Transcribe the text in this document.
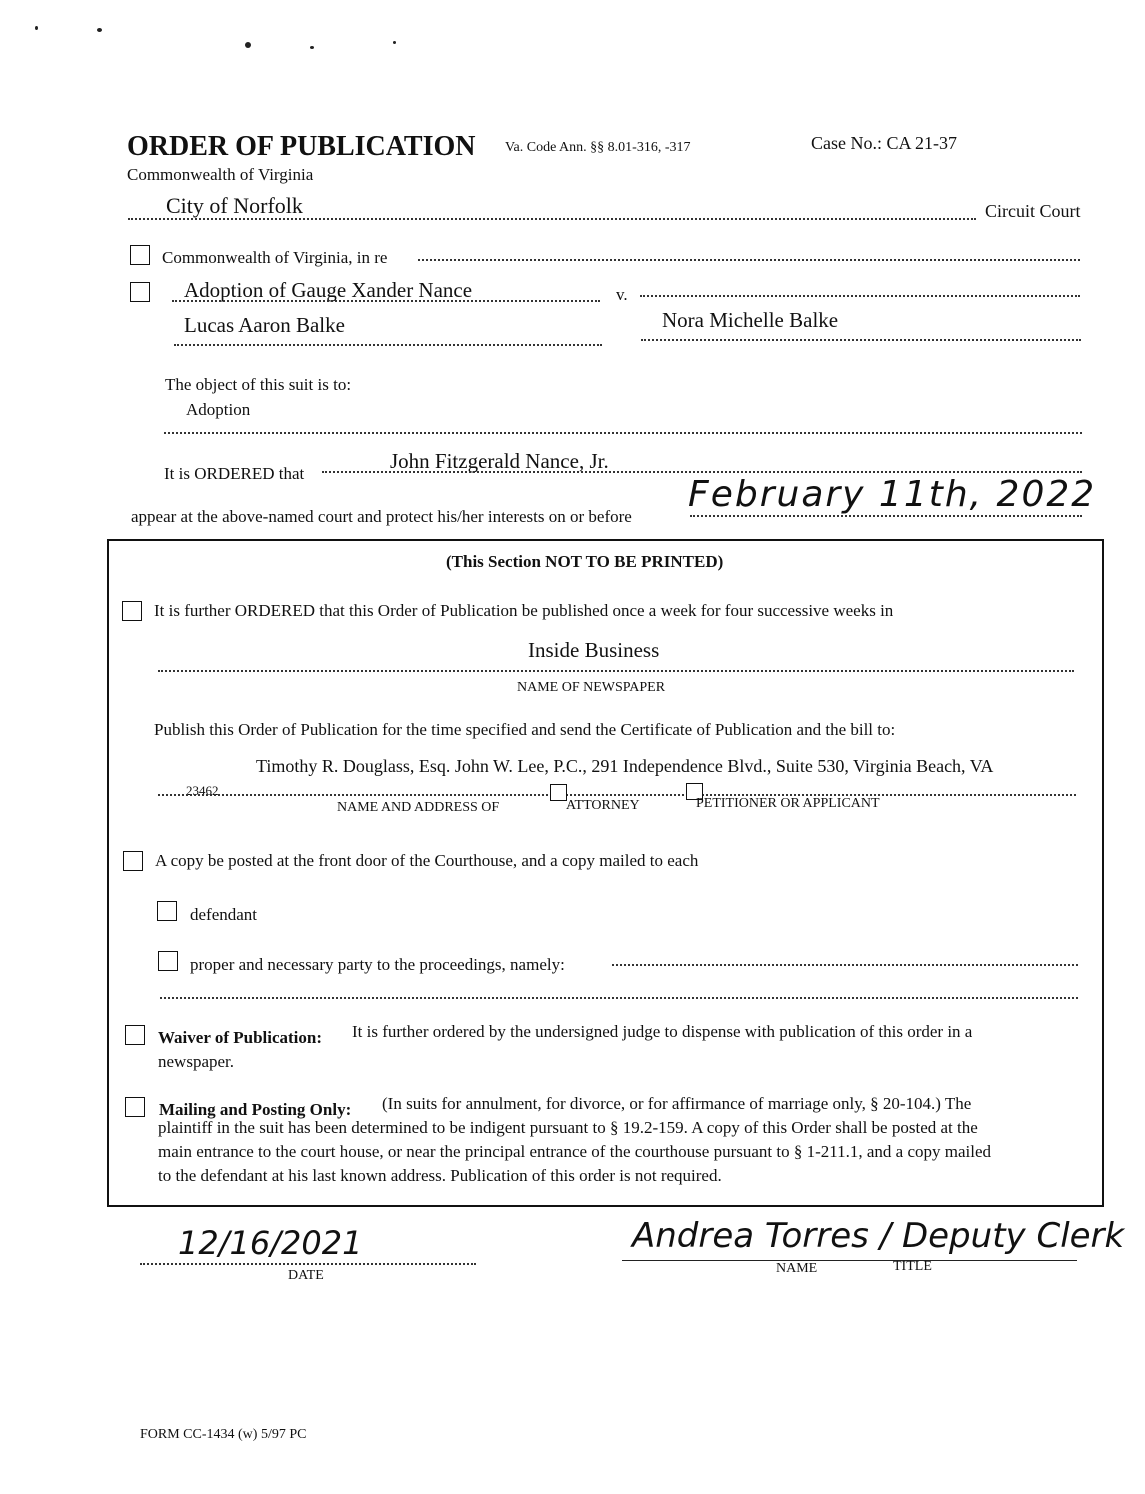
ORDER OF PUBLICATION Va. Code Ann. §§ 8.01-316, -317	Case No.: CA 21-37
Commonwealth of Virginia
City of Norfolk	Circuit Court
Commonwealth of Virginia, in re
Adoption of Gauge Xander Nance	v.
Lucas Aaron Balke	Nora Michelle Balke
The object of this suit is to:
Adoption
It is ORDERED that
John Fitzgerald Nance, Jr.
appear at the above-named court and protect his/her interests on or before
February 11th, 2022
(This Section NOT TO BE PRINTED)
It is further ORDERED that this Order of Publication be published once a week for four successive weeks in
Inside Business
NAME OF NEWSPAPER
Publish this Order of Publication for the time specified and send the Certificate of Publication and the bill to:
Timothy R. Douglass, Esq. John W. Lee, P.C., 291 Independence Blvd., Suite 530, Virginia Beach, VA
23462
NAME AND ADDRESS OF	ATTORNEY	PETITIONER OR APPLICANT
A copy be posted at the front door of the Courthouse, and a copy mailed to each
defendant
proper and necessary party to the proceedings, namely:
Waiver of Publication: It is further ordered by the undersigned judge to dispense with publication of this order in a
newspaper.
Mailing and Posting Only: (In suits for annulment, for divorce, or for affirmance of marriage only, § 20-104.) The
plaintiff in the suit has been determined to be indigent pursuant to § 19.2-159. A copy of this Order shall be posted at the
main entrance to the court house, or near the principal entrance of the courthouse pursuant to § 1-211.1, and a copy mailed
to the defendant at his last known address. Publication of this order is not required.
12/16/2021
DATE
Andrea Torres / Deputy Clerk
NAME	TITLE
FORM CC-1434 (w) 5/97 PC
